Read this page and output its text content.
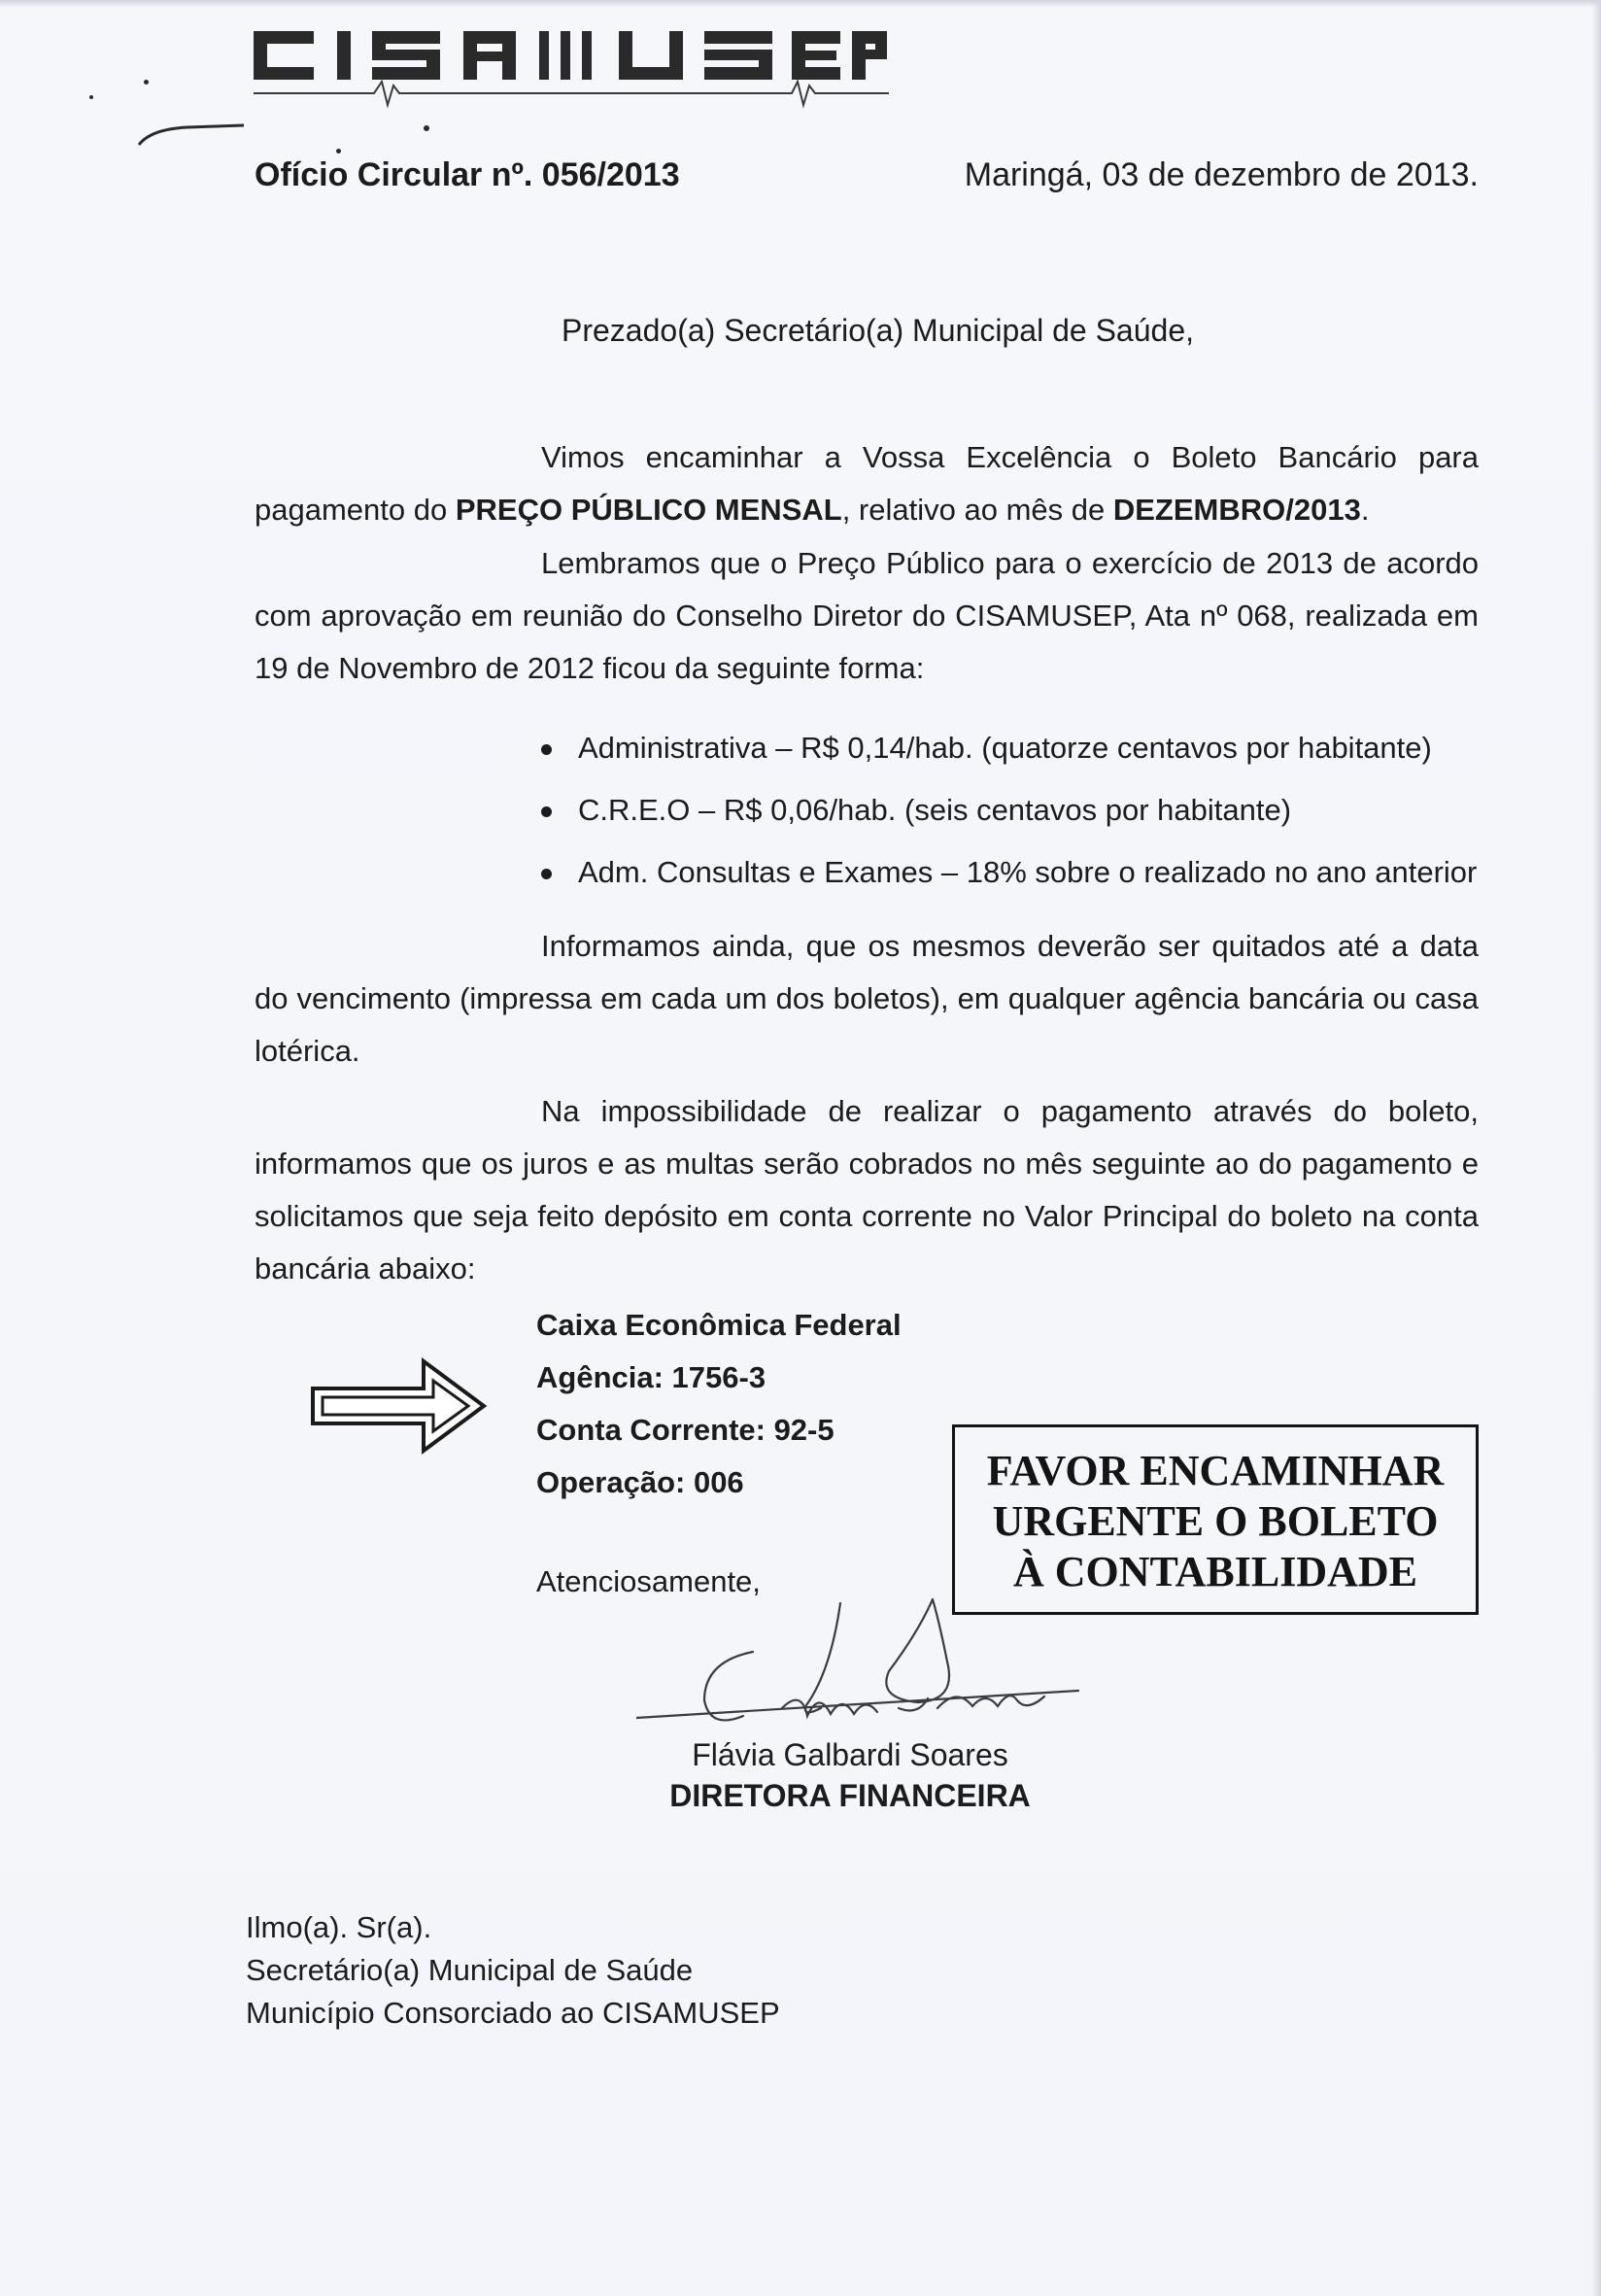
Ofício Circular nº. 056/2013	Maringá, 03 de dezembro de 2013.
Prezado(a) Secretário(a) Municipal de Saúde,
Vimos encaminhar a Vossa Excelência o Boleto Bancário para pagamento do PREÇO PÚBLICO MENSAL, relativo ao mês de DEZEMBRO/2013.
Lembramos que o Preço Público para o exercício de 2013 de acordo com aprovação em reunião do Conselho Diretor do CISAMUSEP, Ata nº 068, realizada em 19 de Novembro de 2012 ficou da seguinte forma:
Administrativa – R$ 0,14/hab. (quatorze centavos por habitante)
C.R.E.O – R$ 0,06/hab. (seis centavos por habitante)
Adm. Consultas e Exames – 18% sobre o realizado no ano anterior
Informamos ainda, que os mesmos deverão ser quitados até a data do vencimento (impressa em cada um dos boletos), em qualquer agência bancária ou casa lotérica.
Na impossibilidade de realizar o pagamento através do boleto, informamos que os juros e as multas serão cobrados no mês seguinte ao do pagamento e solicitamos que seja feito depósito em conta corrente no Valor Principal do boleto na conta bancária abaixo:
Caixa Econômica Federal
Agência: 1756-3
Conta Corrente: 92-5
Operação: 006	FAVOR ENCAMINHAR
URGENTE O BOLETO
À CONTABILIDADE
Atenciosamente,
Flávia Galbardi Soares
DIRETORA FINANCEIRA
Ilmo(a). Sr(a).
Secretário(a) Municipal de Saúde
Município Consorciado ao CISAMUSEP
